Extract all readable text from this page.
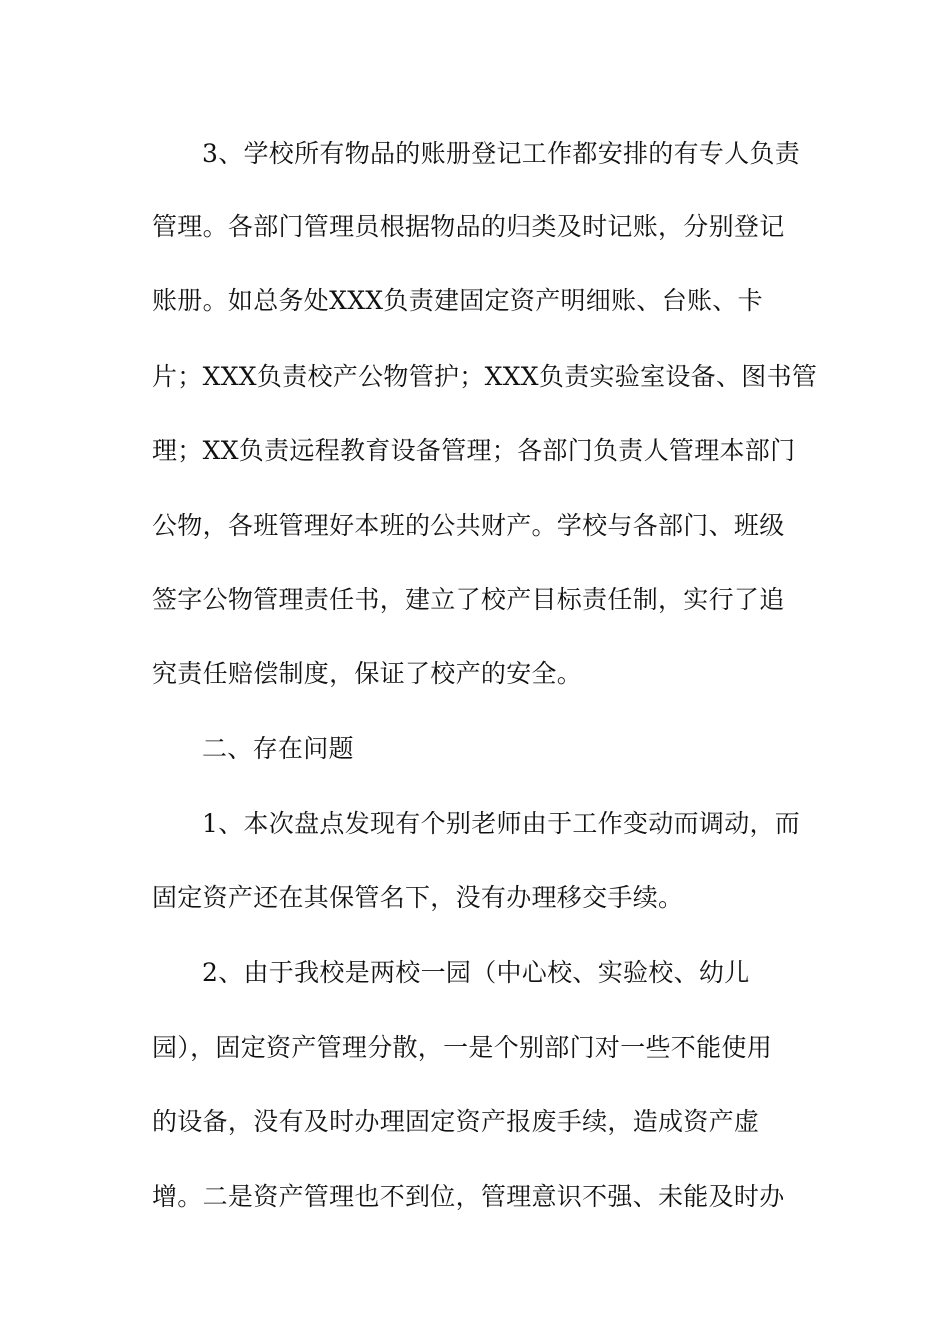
3、学校所有物品的账册登记工作都安排的有专人负责
管理。各部门管理员根据物品的归类及时记账，分别登记
账册。如总务处XXX负责建固定资产明细账、台账、卡
片；XXX负责校产公物管护；XXX负责实验室设备、图书管
理；XX负责远程教育设备管理；各部门负责人管理本部门
公物，各班管理好本班的公共财产。学校与各部门、班级
签字公物管理责任书，建立了校产目标责任制，实行了追
究责任赔偿制度，保证了校产的安全。
二、存在问题
1、本次盘点发现有个别老师由于工作变动而调动，而
固定资产还在其保管名下，没有办理移交手续。
2、由于我校是两校一园（中心校、实验校、幼儿
园），固定资产管理分散，一是个别部门对一些不能使用
的设备，没有及时办理固定资产报废手续，造成资产虚
增。二是资产管理也不到位，管理意识不强、未能及时办
